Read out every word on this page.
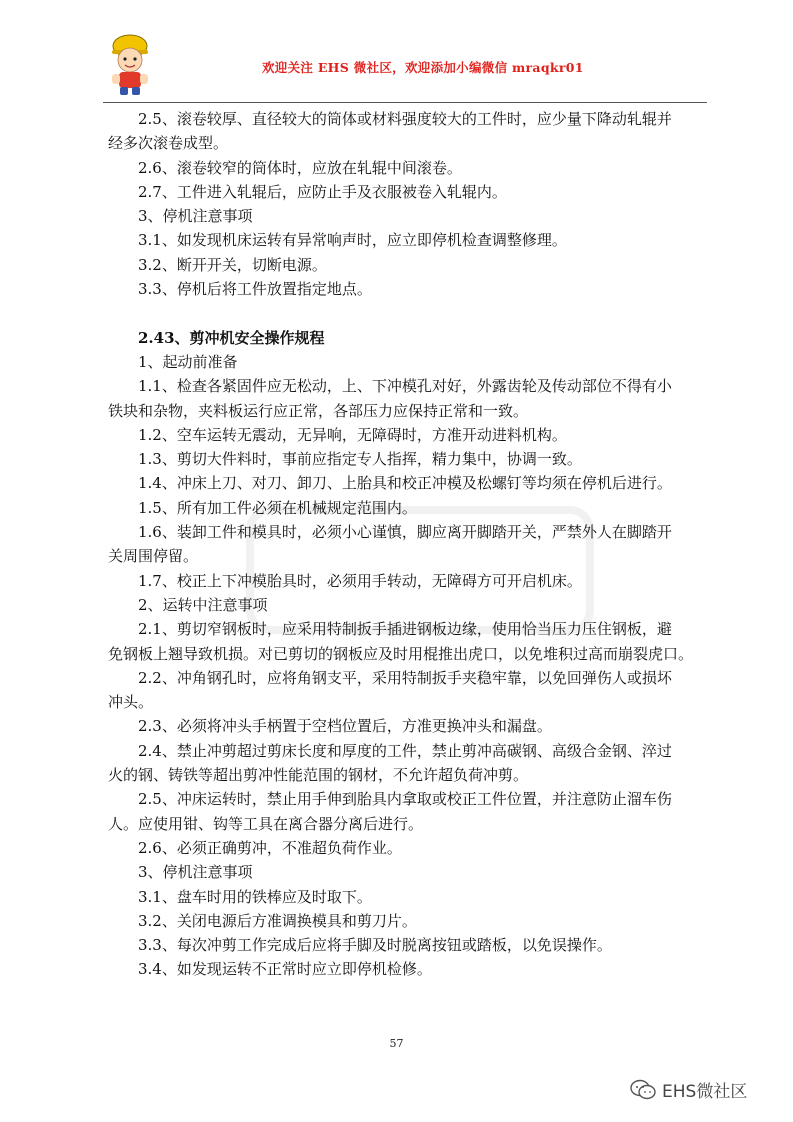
欢迎关注 EHS 微社区，欢迎添加小编微信 mraqkr01
2.5、滚卷较厚、直径较大的筒体或材料强度较大的工件时，应少量下降动轧辊并
经多次滚卷成型。
2.6、滚卷较窄的筒体时，应放在轧辊中间滚卷。
2.7、工件进入轧辊后，应防止手及衣服被卷入轧辊内。
3、停机注意事项
3.1、如发现机床运转有异常响声时，应立即停机检查调整修理。
3.2、断开开关，切断电源。
3.3、停机后将工件放置指定地点。
2.43、剪冲机安全操作规程
1、起动前准备
1.1、检查各紧固件应无松动，上、下冲模孔对好，外露齿轮及传动部位不得有小
铁块和杂物，夹料板运行应正常，各部压力应保持正常和一致。
1.2、空车运转无震动，无异响，无障碍时，方准开动进料机构。
1.3、剪切大件料时，事前应指定专人指挥，精力集中，协调一致。
1.4、冲床上刀、对刀、卸刀、上胎具和校正冲模及松螺钉等均须在停机后进行。
1.5、所有加工件必须在机械规定范围内。
1.6、装卸工件和模具时，必须小心谨慎，脚应离开脚踏开关，严禁外人在脚踏开
关周围停留。
1.7、校正上下冲模胎具时，必须用手转动，无障碍方可开启机床。
2、运转中注意事项
2.1、剪切窄钢板时，应采用特制扳手插进钢板边缘，使用恰当压力压住钢板，避
免钢板上翘导致机损。对已剪切的钢板应及时用棍推出虎口，以免堆积过高而崩裂虎口。
2.2、冲角钢孔时，应将角钢支平，采用特制扳手夹稳牢靠，以免回弹伤人或损坏
冲头。
2.3、必须将冲头手柄置于空档位置后，方准更换冲头和漏盘。
2.4、禁止冲剪超过剪床长度和厚度的工件，禁止剪冲高碳钢、高级合金钢、淬过
火的钢、铸铁等超出剪冲性能范围的钢材，不允许超负荷冲剪。
2.5、冲床运转时，禁止用手伸到胎具内拿取或校正工件位置，并注意防止溜车伤
人。应使用钳、钩等工具在离合器分离后进行。
2.6、必须正确剪冲，不准超负荷作业。
3、停机注意事项
3.1、盘车时用的铁棒应及时取下。
3.2、关闭电源后方准调换模具和剪刀片。
3.3、每次冲剪工作完成后应将手脚及时脱离按钮或踏板，以免误操作。
3.4、如发现运转不正常时应立即停机检修。
57
EHS微社区
